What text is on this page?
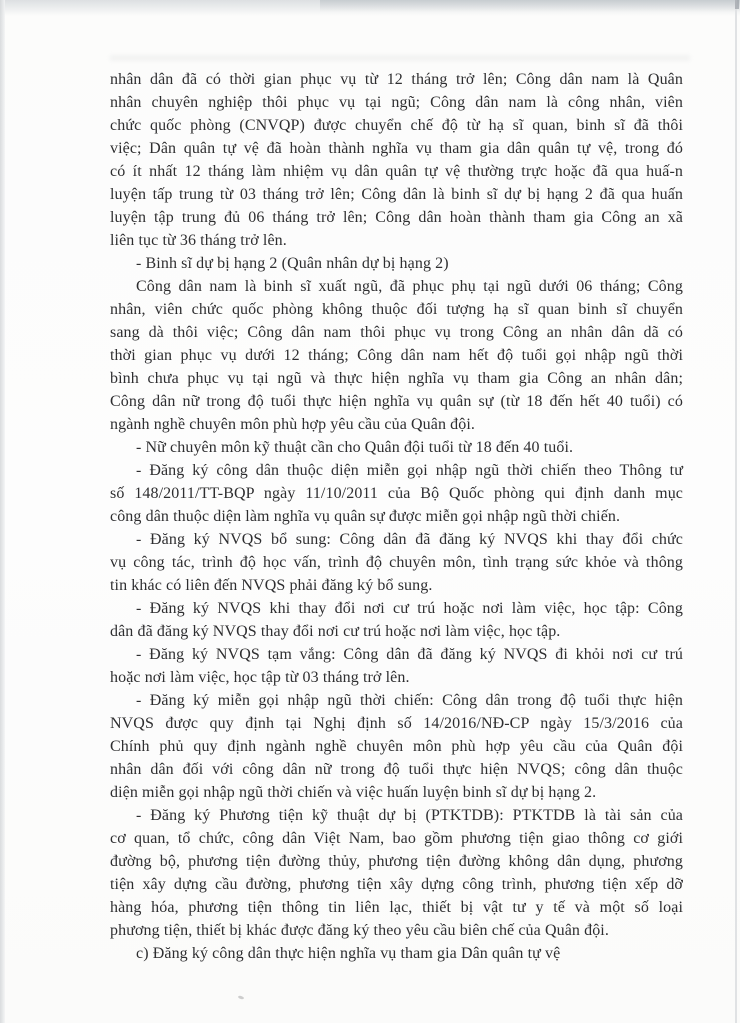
nhân dân đã có thời gian phục vụ từ 12 tháng trở lên; Công dân nam là Quân
nhân chuyên nghiệp thôi phục vụ tại ngũ; Công dân nam là công nhân, viên
chức quốc phòng (CNVQP) được chuyển chế độ từ hạ sĩ quan, binh sĩ đã thôi
việc; Dân quân tự vệ đã hoàn thành nghĩa vụ tham gia dân quân tự vệ, trong đó
có ít nhất 12 tháng làm nhiệm vụ dân quân tự vệ thường trực hoặc đã qua huấ-n
luyện tấp trung từ 03 tháng trở lên; Công dân là binh sĩ dự bị hạng 2 đã qua huấn
luyện tập trung đủ 06 tháng trở lên; Công dân hoàn thành tham gia Công an xã
liên tục từ 36 tháng trở lên.
- Binh sĩ dự bị hạng 2 (Quân nhân dự bị hạng 2)
Công dân nam là binh sĩ xuất ngũ, đã phục phụ tại ngũ dưới 06 tháng; Công
nhân, viên chức quốc phòng không thuộc đối tượng hạ sĩ quan binh sĩ chuyển
sang dà thôi việc; Công dân nam thôi phục vụ trong Công an nhân dân dã có
thời gian phục vụ dưới 12 tháng; Công dân nam hết độ tuổi gọi nhập ngũ thời
bình chưa phục vụ tại ngũ và thực hiện nghĩa vụ tham gia Công an nhân dân;
Công dân nữ trong độ tuổi thực hiện nghĩa vụ quân sự (từ 18 đến hết 40 tuổi) có
ngành nghề chuyên môn phù hợp yêu cầu của Quân đội.
- Nữ chuyên môn kỹ thuật cần cho Quân đội tuổi từ 18 đến 40 tuổi.
- Đăng ký công dân thuộc diện miễn gọi nhập ngũ thời chiến theo Thông tư
số 148/2011/TT-BQP ngày 11/10/2011 của Bộ Quốc phòng qui định danh mục
công dân thuộc diện làm nghĩa vụ quân sự được miễn gọi nhập ngũ thời chiến.
- Đăng ký NVQS bổ sung: Công dân đã đăng ký NVQS khi thay đổi chức
vụ công tác, trình độ học vấn, trình độ chuyên môn, tình trạng sức khỏe và thông
tin khác có liên đến NVQS phải đăng ký bổ sung.
- Đăng ký NVQS khi thay đổi nơi cư trú hoặc nơi làm việc, học tập: Công
dân đã đăng ký NVQS thay đổi nơi cư trú hoặc nơi làm việc, học tập.
- Đăng ký NVQS tạm vắng: Công dân đã đăng ký NVQS đi khỏi nơi cư trú
hoặc nơi làm việc, học tập từ 03 tháng trở lên.
- Đăng ký miễn gọi nhập ngũ thời chiến: Công dân trong độ tuổi thực hiện
NVQS được quy định tại Nghị định số 14/2016/NĐ-CP ngày 15/3/2016 của
Chính phủ quy định ngành nghề chuyên môn phù hợp yêu cầu của Quân đội
nhân dân đối với công dân nữ trong độ tuổi thực hiện NVQS; công dân thuộc
diện miễn gọi nhập ngũ thời chiến và việc huấn luyện binh sĩ dự bị hạng 2.
- Đăng ký Phương tiện kỹ thuật dự bị (PTKTDB): PTKTDB là tài sản của
cơ quan, tổ chức, công dân Việt Nam, bao gồm phương tiện giao thông cơ giới
đường bộ, phương tiện đường thủy, phương tiện đường không dân dụng, phương
tiện xây dựng cầu đường, phương tiện xây dựng công trình, phương tiện xếp dỡ
hàng hóa, phương tiện thông tin liên lạc, thiết bị vật tư y tế và một số loại
phương tiện, thiết bị khác được đăng ký theo yêu cầu biên chế của Quân đội.
c) Đăng ký công dân thực hiện nghĩa vụ tham gia Dân quân tự vệ
